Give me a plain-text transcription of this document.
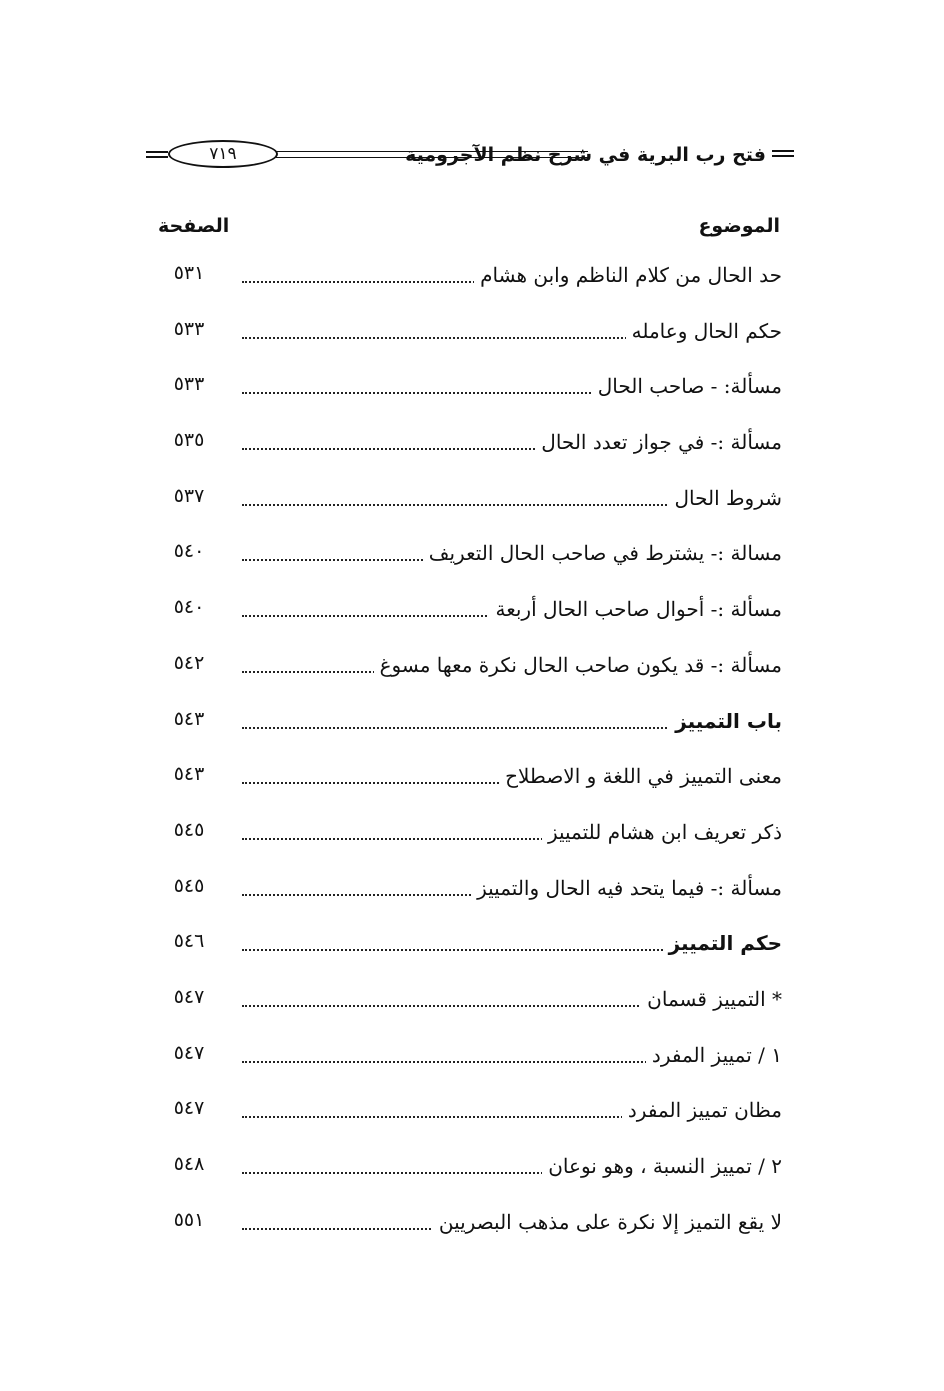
فتح رب البرية في شرح نظم الآجرومية
٧١٩
الموضوع
الصفحة
حد الحال من كلام الناظم وابن هشام
٥٣١
حكم الحال وعامله
٥٣٣
مسألة: - صاحب الحال
٥٣٣
مسألة :- في جواز تعدد الحال
٥٣٥
شروط الحال
٥٣٧
مسالة :- يشترط في صاحب الحال التعريف
٥٤٠
مسألة :- أحوال صاحب الحال أربعة
٥٤٠
مسألة :- قد يكون صاحب الحال نكرة معها مسوغ
٥٤٢
باب التمييز
٥٤٣
معنى التمييز في اللغة و الاصطلاح
٥٤٣
ذكر تعريف ابن هشام للتمييز
٥٤٥
مسألة :- فيما يتحد فيه الحال والتمييز
٥٤٥
حكم التمييز
٥٤٦
* التمييز قسمان
٥٤٧
١ / تمييز المفرد
٥٤٧
مظان تمييز المفرد
٥٤٧
٢ / تمييز النسبة ، وهو نوعان
٥٤٨
لا يقع التميز إلا نكرة على مذهب البصريين
٥٥١
